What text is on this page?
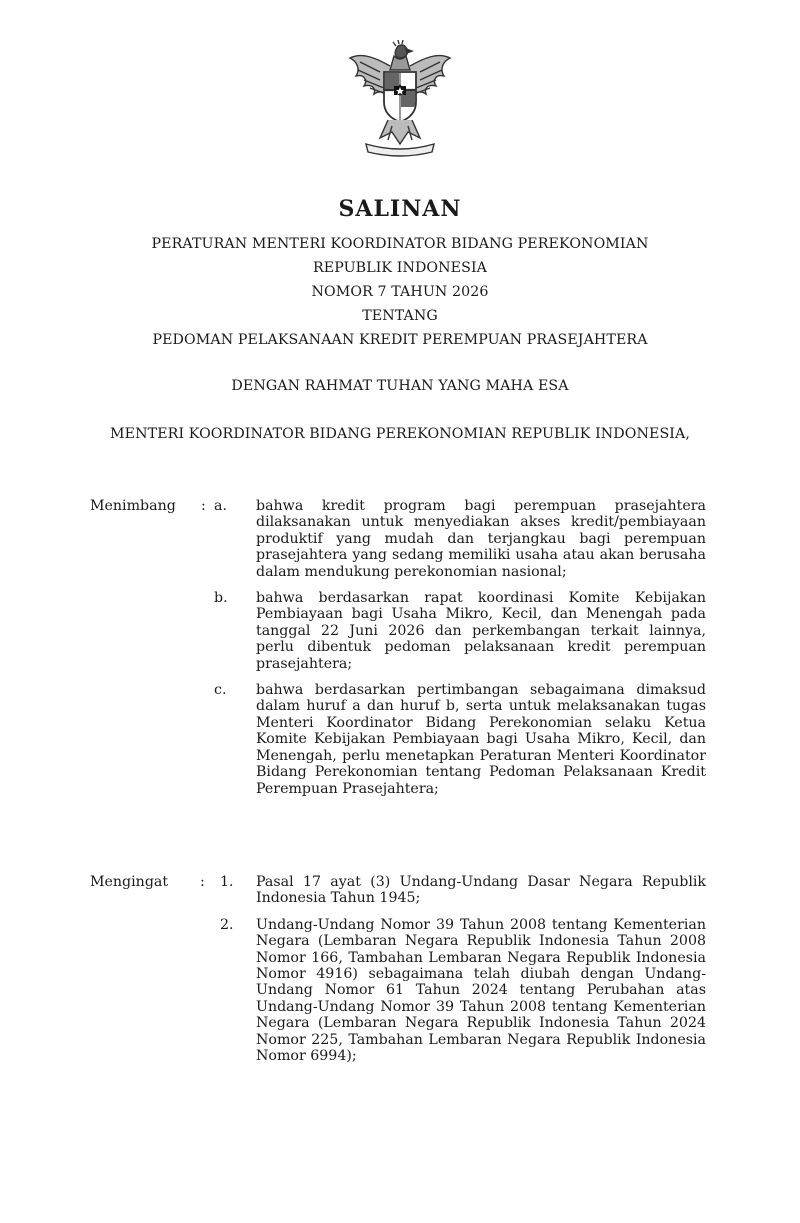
SALINAN
PERATURAN MENTERI KOORDINATOR BIDANG PEREKONOMIAN
REPUBLIK INDONESIA
NOMOR 7 TAHUN 2026
TENTANG
PEDOMAN PELAKSANAAN KREDIT PEREMPUAN PRASEJAHTERA
DENGAN RAHMAT TUHAN YANG MAHA ESA
MENTERI KOORDINATOR BIDANG PEREKONOMIAN REPUBLIK INDONESIA,
Menimbang : a. bahwa kredit program bagi perempuan prasejahtera dilaksanakan untuk menyediakan akses kredit/pembiayaan produktif yang mudah dan terjangkau bagi perempuan prasejahtera yang sedang memiliki usaha atau akan berusaha dalam mendukung perekonomian nasional;
b. bahwa berdasarkan rapat koordinasi Komite Kebijakan Pembiayaan bagi Usaha Mikro, Kecil, dan Menengah pada tanggal 22 Juni 2026 dan perkembangan terkait lainnya, perlu dibentuk pedoman pelaksanaan kredit perempuan prasejahtera;
c. bahwa berdasarkan pertimbangan sebagaimana dimaksud dalam huruf a dan huruf b, serta untuk melaksanakan tugas Menteri Koordinator Bidang Perekonomian selaku Ketua Komite Kebijakan Pembiayaan bagi Usaha Mikro, Kecil, dan Menengah, perlu menetapkan Peraturan Menteri Koordinator Bidang Perekonomian tentang Pedoman Pelaksanaan Kredit Perempuan Prasejahtera;
Mengingat : 1. Pasal 17 ayat (3) Undang-Undang Dasar Negara Republik Indonesia Tahun 1945;
2. Undang-Undang Nomor 39 Tahun 2008 tentang Kementerian Negara (Lembaran Negara Republik Indonesia Tahun 2008 Nomor 166, Tambahan Lembaran Negara Republik Indonesia Nomor 4916) sebagaimana telah diubah dengan Undang-Undang Nomor 61 Tahun 2024 tentang Perubahan atas Undang-Undang Nomor 39 Tahun 2008 tentang Kementerian Negara (Lembaran Negara Republik Indonesia Tahun 2024 Nomor 225, Tambahan Lembaran Negara Republik Indonesia Nomor 6994);
